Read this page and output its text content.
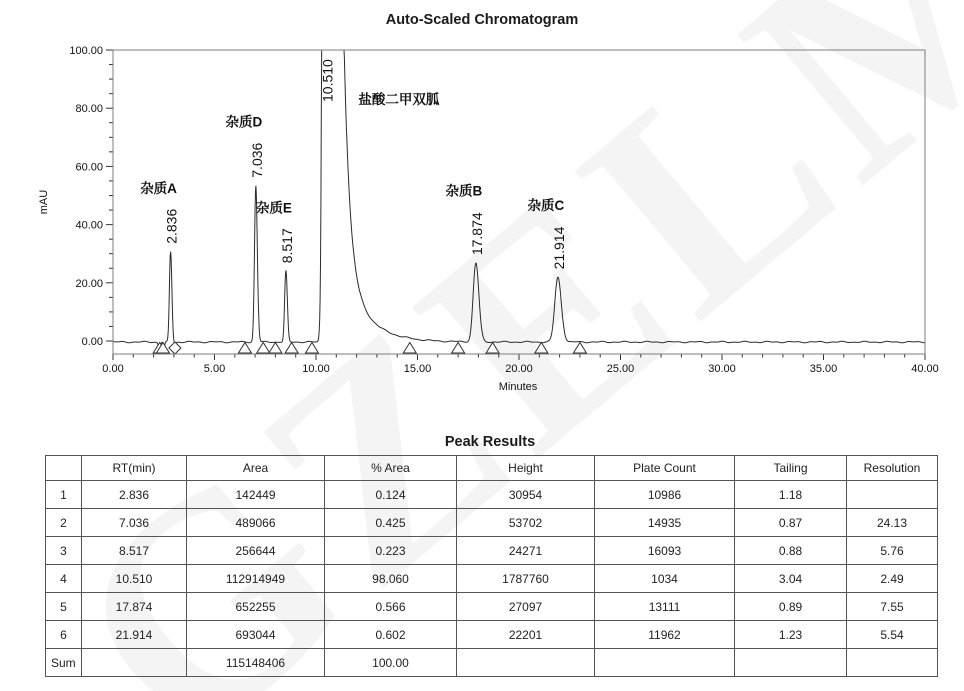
Auto-Scaled Chromatogram
0.00	5.00	10.00	15.00	20.00	25.00	30.00	35.00	40.00
0.00
20.00
40.00
60.00
80.00
100.00
mAU
Minutes
2.836
杂质A
7.036
杂质D
8.517
杂质E
10.510 盐酸二甲双胍
17.874
杂质B
21.914
杂质C
Peak Results
	RT(min)	Area	% Area	Height	Plate Count	Tailing	Resolution
1	2.836	142449	0.124	30954	10986	1.18	
2	7.036	489066	0.425	53702	14935	0.87	24.13
3	8.517	256644	0.223	24271	16093	0.88	5.76
4	10.510	112914949	98.060	1787760	1034	3.04	2.49
5	17.874	652255	0.566	27097	13111	0.89	7.55
6	21.914	693044	0.602	22201	11962	1.23	5.54
Sum		115148406	100.00				
